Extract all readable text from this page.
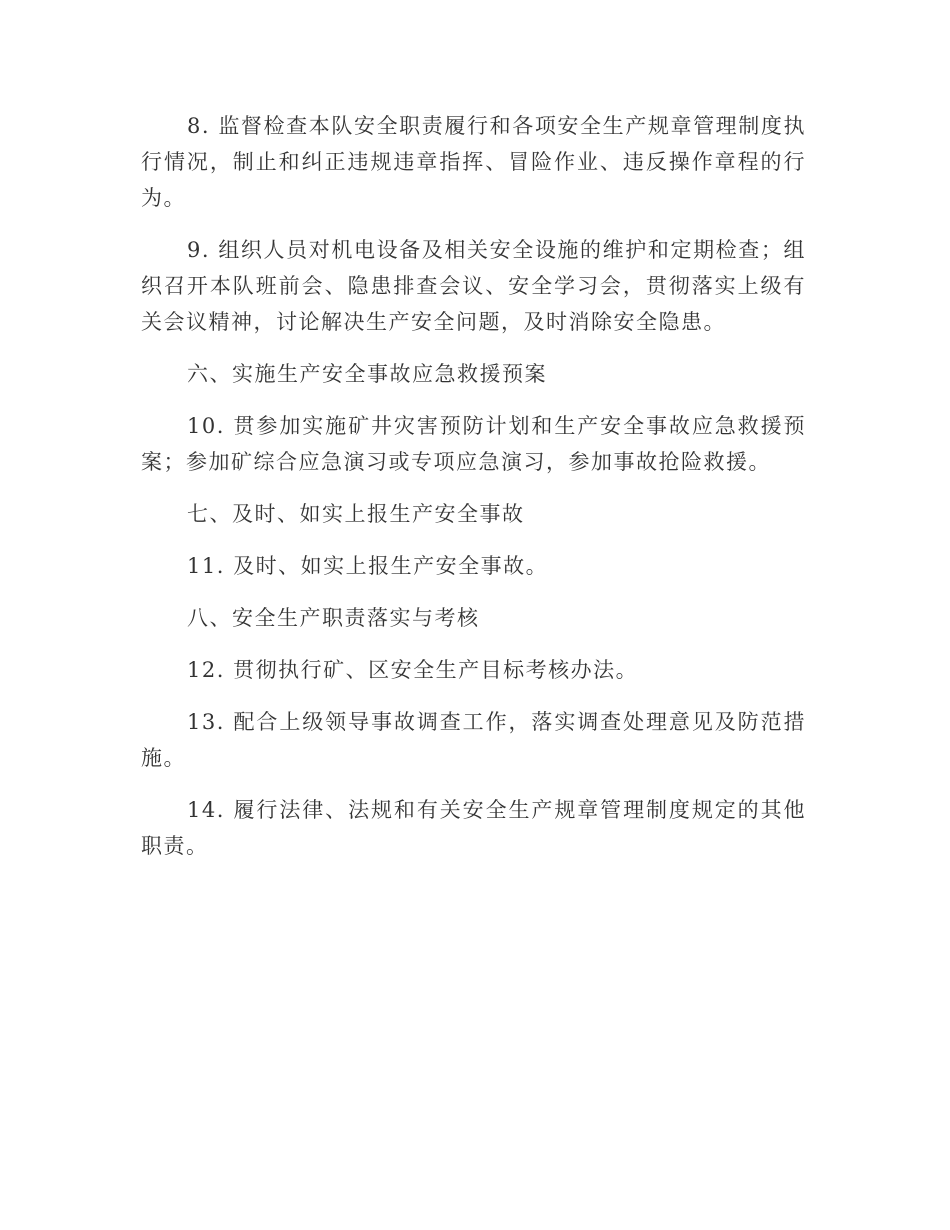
8. 监督检查本队安全职责履行和各项安全生产规章管理制度执行情况，制止和纠正违规违章指挥、冒险作业、违反操作章程的行为。

9. 组织人员对机电设备及相关安全设施的维护和定期检查；组织召开本队班前会、隐患排查会议、安全学习会，贯彻落实上级有关会议精神，讨论解决生产安全问题，及时消除安全隐患。

六、实施生产安全事故应急救援预案

10. 贯参加实施矿井灾害预防计划和生产安全事故应急救援预案；参加矿综合应急演习或专项应急演习，参加事故抢险救援。

七、及时、如实上报生产安全事故

11. 及时、如实上报生产安全事故。

八、安全生产职责落实与考核

12. 贯彻执行矿、区安全生产目标考核办法。

13. 配合上级领导事故调查工作，落实调查处理意见及防范措施。

14. 履行法律、法规和有关安全生产规章管理制度规定的其他职责。
